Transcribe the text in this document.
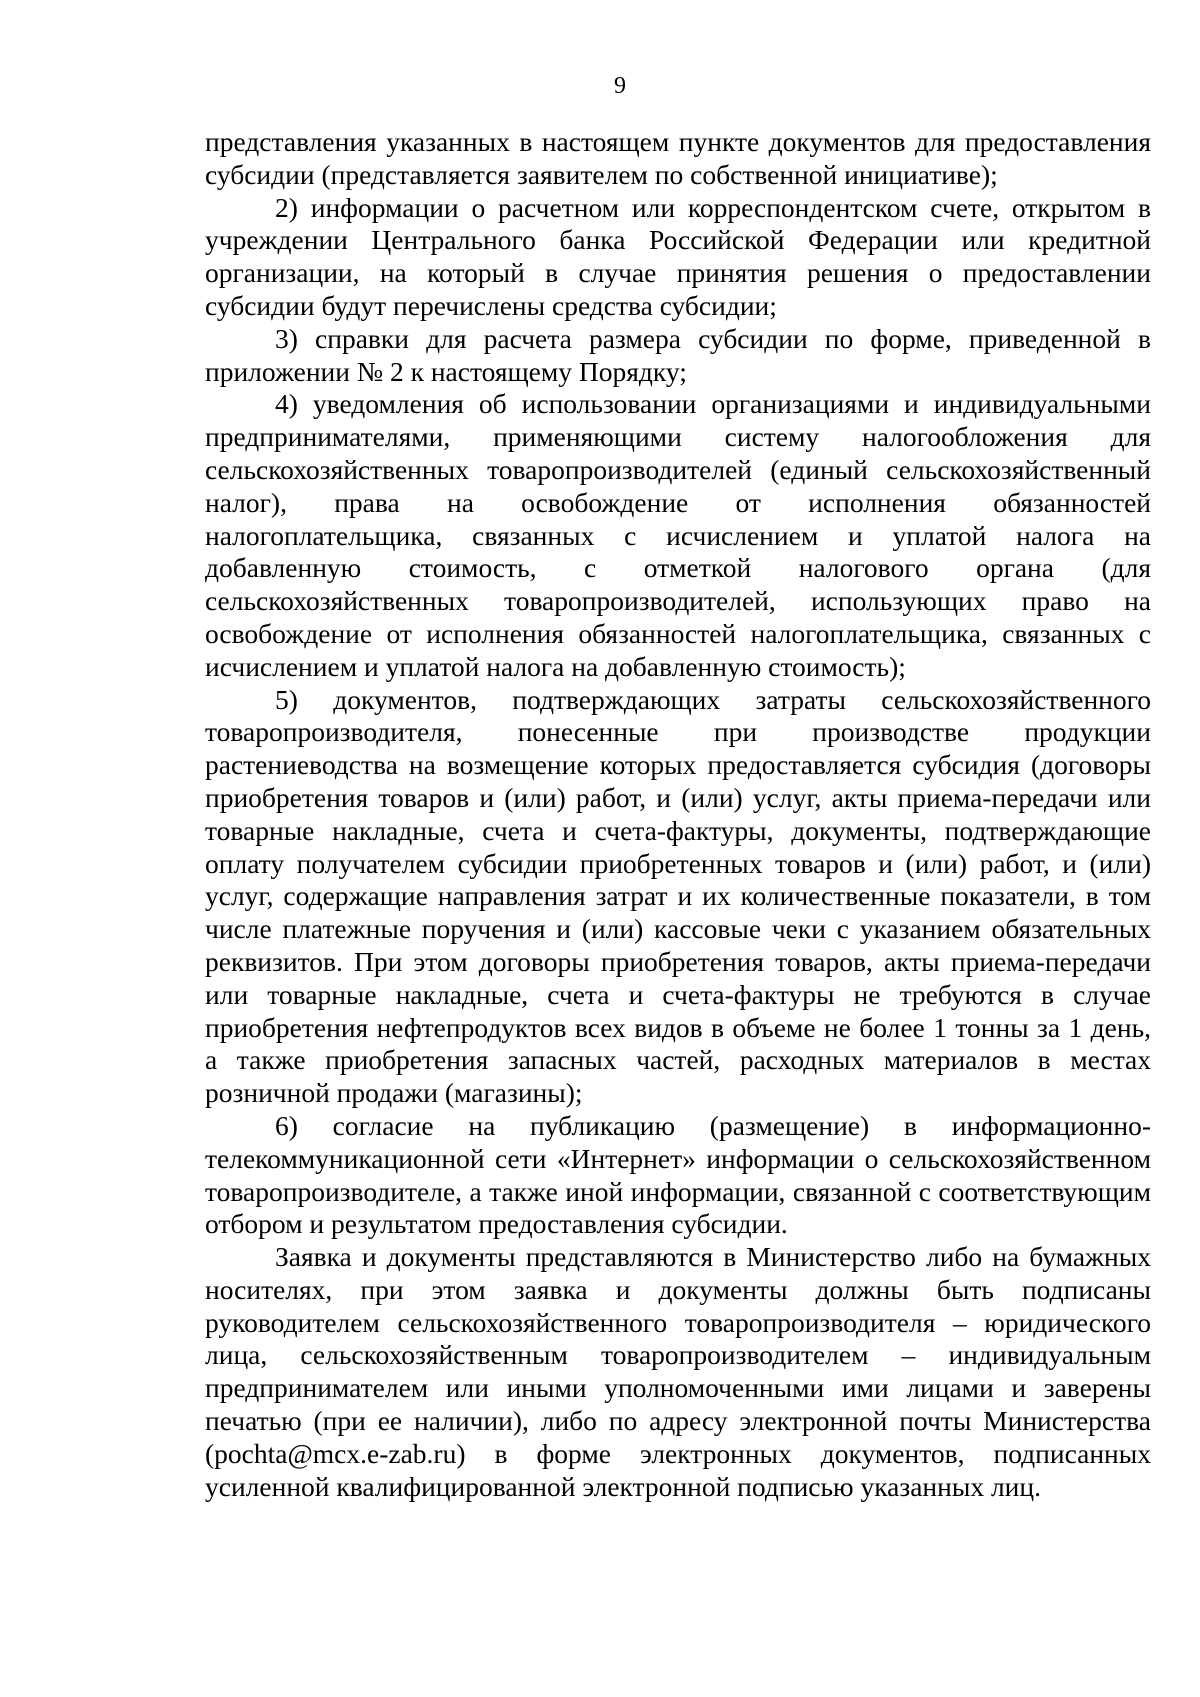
9

представления указанных в настоящем пункте документов для предоставления субсидии (представляется заявителем по собственной инициативе);

2) информации о расчетном или корреспондентском счете, открытом в учреждении Центрального банка Российской Федерации или кредитной организации, на который в случае принятия решения о предоставлении субсидии будут перечислены средства субсидии;

3) справки для расчета размера субсидии по форме, приведенной в приложении № 2 к настоящему Порядку;

4) уведомления об использовании организациями и индивидуальными предпринимателями, применяющими систему налогообложения для сельскохозяйственных товаропроизводителей (единый сельскохозяйственный налог), права на освобождение от исполнения обязанностей налогоплательщика, связанных с исчислением и уплатой налога на добавленную стоимость, с отметкой налогового органа (для сельскохозяйственных товаропроизводителей, использующих право на освобождение от исполнения обязанностей налогоплательщика, связанных с исчислением и уплатой налога на добавленную стоимость);

5) документов, подтверждающих затраты сельскохозяйственного товаропроизводителя, понесенные при производстве продукции растениеводства на возмещение которых предоставляется субсидия (договоры приобретения товаров и (или) работ, и (или) услуг, акты приема-передачи или товарные накладные, счета и счета-фактуры, документы, подтверждающие оплату получателем субсидии приобретенных товаров и (или) работ, и (или) услуг, содержащие направления затрат и их количественные показатели, в том числе платежные поручения и (или) кассовые чеки с указанием обязательных реквизитов. При этом договоры приобретения товаров, акты приема-передачи или товарные накладные, счета и счета-фактуры не требуются в случае приобретения нефтепродуктов всех видов в объеме не более 1 тонны за 1 день, а также приобретения запасных частей, расходных материалов в местах розничной продажи (магазины);

6) согласие на публикацию (размещение) в информационно-телекоммуникационной сети «Интернет» информации о сельскохозяйственном товаропроизводителе, а также иной информации, связанной с соответствующим отбором и результатом предоставления субсидии.

Заявка и документы представляются в Министерство либо на бумажных носителях, при этом заявка и документы должны быть подписаны руководителем сельскохозяйственного товаропроизводителя – юридического лица, сельскохозяйственным товаропроизводителем – индивидуальным предпринимателем или иными уполномоченными ими лицами и заверены печатью (при ее наличии), либо по адресу электронной почты Министерства (pochta@mcx.e-zab.ru) в форме электронных документов, подписанных усиленной квалифицированной электронной подписью указанных лиц.
